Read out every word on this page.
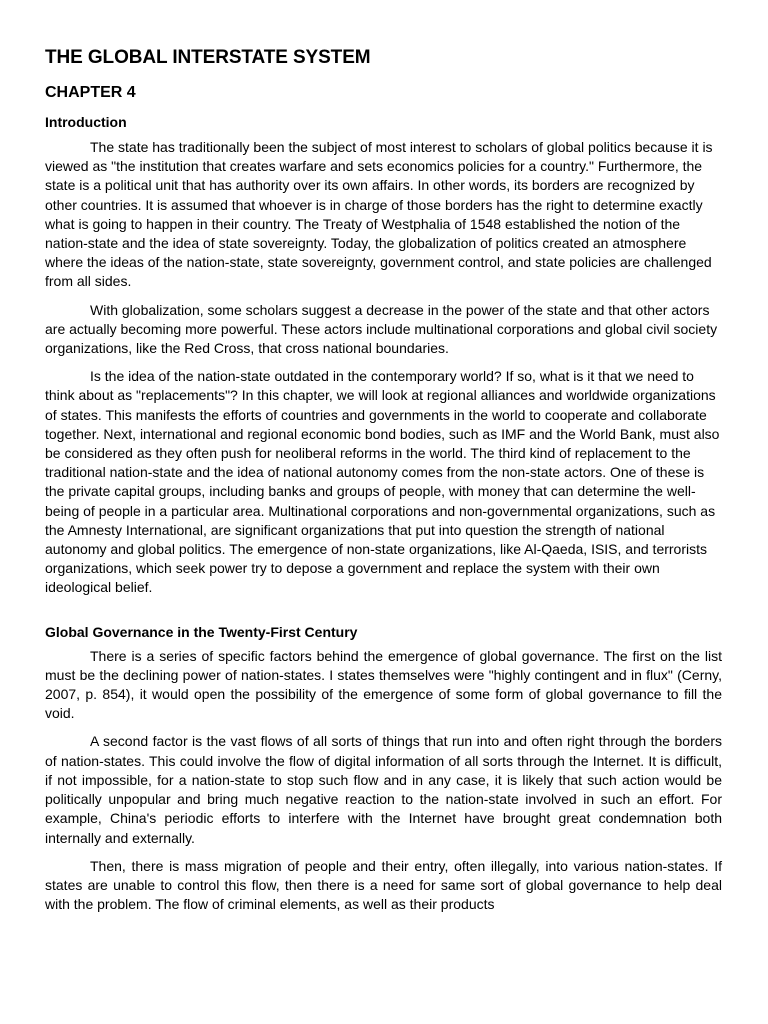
THE GLOBAL INTERSTATE SYSTEM
CHAPTER 4
Introduction

The state has traditionally been the subject of most interest to scholars of global politics because it is viewed as "the institution that creates warfare and sets economics policies for a country." Furthermore, the state is a political unit that has authority over its own affairs. In other words, its borders are recognized by other countries. It is assumed that whoever is in charge of those borders has the right to determine exactly what is going to happen in their country. The Treaty of Westphalia of 1548 established the notion of the nation-state and the idea of state sovereignty. Today, the globalization of politics created an atmosphere where the ideas of the nation-state, state sovereignty, government control, and state policies are challenged from all sides.

With globalization, some scholars suggest a decrease in the power of the state and that other actors are actually becoming more powerful. These actors include multinational corporations and global civil society organizations, like the Red Cross, that cross national boundaries.

Is the idea of the nation-state outdated in the contemporary world? If so, what is it that we need to think about as "replacements"? In this chapter, we will look at regional alliances and worldwide organizations of states. This manifests the efforts of countries and governments in the world to cooperate and collaborate together. Next, international and regional economic bond bodies, such as IMF and the World Bank, must also be considered as they often push for neoliberal reforms in the world. The third kind of replacement to the traditional nation-state and the idea of national autonomy comes from the non-state actors. One of these is the private capital groups, including banks and groups of people, with money that can determine the well-being of people in a particular area. Multinational corporations and non-governmental organizations, such as the Amnesty International, are significant organizations that put into question the strength of national autonomy and global politics. The emergence of non-state organizations, like Al-Qaeda, ISIS, and terrorists organizations, which seek power try to depose a government and replace the system with their own ideological belief.

Global Governance in the Twenty-First Century

There is a series of specific factors behind the emergence of global governance. The first on the list must be the declining power of nation-states. I states themselves were "highly contingent and in flux" (Cerny, 2007, p. 854), it would open the possibility of the emergence of some form of global governance to fill the void.

A second factor is the vast flows of all sorts of things that run into and often right through the borders of nation-states. This could involve the flow of digital information of all sorts through the Internet. It is difficult, if not impossible, for a nation-state to stop such flow and in any case, it is likely that such action would be politically unpopular and bring much negative reaction to the nation-state involved in such an effort. For example, China's periodic efforts to interfere with the Internet have brought great condemnation both internally and externally.

Then, there is mass migration of people and their entry, often illegally, into various nation-states. If states are unable to control this flow, then there is a need for same sort of global governance to help deal with the problem. The flow of criminal elements, as well as their products
